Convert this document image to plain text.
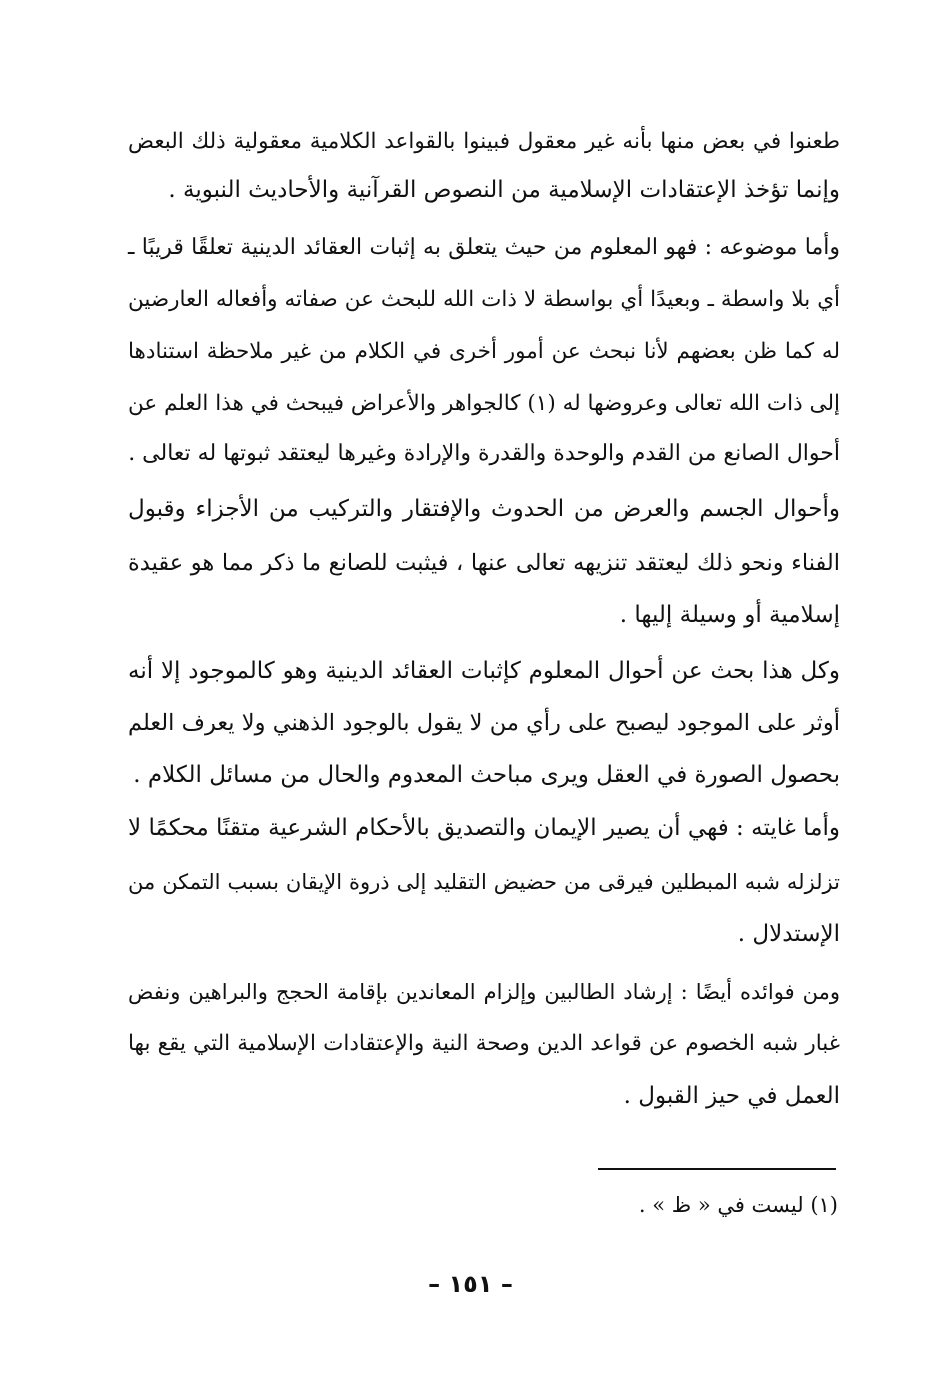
طعنوا في بعض منها بأنه غير معقول فبينوا بالقواعد الكلامية معقولية ذلك البعض
وإنما تؤخذ الإعتقادات الإسلامية من النصوص القرآنية والأحاديث النبوية .
وأما موضوعه : فهو المعلوم من حيث يتعلق به إثبات العقائد الدينية تعلقًا قريبًا ـ
أي بلا واسطة ـ وبعيدًا أي بواسطة لا ذات الله للبحث عن صفاته وأفعاله العارضين
له كما ظن بعضهم لأنا نبحث عن أمور أخرى في الكلام من غير ملاحظة استنادها
إلى ذات الله تعالى وعروضها له (١) كالجواهر والأعراض فيبحث في هذا العلم عن
أحوال الصانع من القدم والوحدة والقدرة والإرادة وغيرها ليعتقد ثبوتها له تعالى .
وأحوال الجسم والعرض من الحدوث والإفتقار والتركيب من الأجزاء وقبول
الفناء ونحو ذلك ليعتقد تنزيهه تعالى عنها ، فيثبت للصانع ما ذكر مما هو عقيدة
إسلامية أو وسيلة إليها .
وكل هذا بحث عن أحوال المعلوم كإثبات العقائد الدينية وهو كالموجود إلا أنه
أوثر على الموجود ليصبح على رأي من لا يقول بالوجود الذهني ولا يعرف العلم
بحصول الصورة في العقل ويرى مباحث المعدوم والحال من مسائل الكلام .
وأما غايته : فهي أن يصير الإيمان والتصديق بالأحكام الشرعية متقنًا محكمًا لا
تزلزله شبه المبطلين فيرقى من حضيض التقليد إلى ذروة الإيقان بسبب التمكن من
الإستدلال .
ومن فوائده أيضًا : إرشاد الطالبين وإلزام المعاندين بإقامة الحجج والبراهين ونفض
غبار شبه الخصوم عن قواعد الدين وصحة النية والإعتقادات الإسلامية التي يقع بها
العمل في حيز القبول .
(١) ليست في « ظ » .
– ١٥١ –
